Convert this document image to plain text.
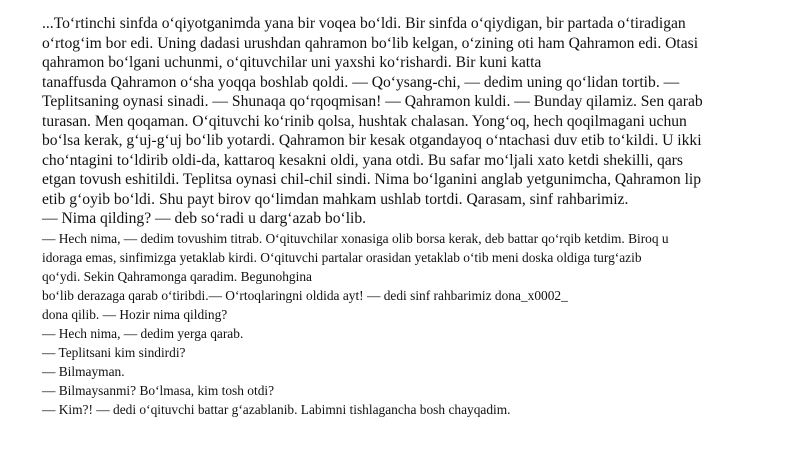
...To‘rtinchi sinfda o‘qiyotganimda yana bir voqea bo‘ldi. Bir sinfda o‘qiydigan, bir partada o‘tiradigan
o‘rtog‘im bor edi. Uning dadasi urushdan qahramon bo‘lib kelgan, o‘zining oti ham Qahramon edi. Otasi
qahramon bo‘lgani uchunmi, o‘qituvchilar uni yaxshi ko‘rishardi. Bir kuni katta
tanaffusda Qahramon o‘sha yoqqa boshlab qoldi. — Qo‘ysang-chi, — dedim uning qo‘lidan tortib. —
Teplitsaning oynasi sinadi. — Shunaqa qo‘rqoqmisan! — Qahramon kuldi. — Bunday qilamiz. Sen qarab
turasan. Men qoqaman. O‘qituvchi ko‘rinib qolsa, hushtak chalasan. Yong‘oq, hech qoqilmagani uchun
bo‘lsa kerak, g‘uj-g‘uj bo‘lib yotardi. Qahramon bir kesak otgandayoq o‘ntachasi duv etib to‘kildi. U ikki
cho‘ntagini to‘ldirib oldi-da, kattaroq kesakni oldi, yana otdi. Bu safar mo‘ljali xato ketdi shekilli, qars
etgan tovush eshitildi. Teplitsa oynasi chil-chil sindi. Nima bo‘lganini anglab yetgunimcha, Qahramon lip
etib g‘oyib bo‘ldi. Shu payt birov qo‘limdan mahkam ushlab tortdi. Qarasam, sinf rahbarimiz.
— Nima qilding? — deb so‘radi u darg‘azab bo‘lib.
— Hech nima, — dedim tovushim titrab. O‘qituvchilar xonasiga olib borsa kerak, deb battar qo‘rqib ketdim. Biroq u
idoraga emas, sinfimizga yetaklab kirdi. O‘qituvchi partalar orasidan yetaklab o‘tib meni doska oldiga turg‘azib
qo‘ydi. Sekin Qahramonga qaradim. Begunohgina
bo‘lib derazaga qarab o‘tiribdi.— O‘rtoqlaringni oldida ayt! — dedi sinf rahbarimiz dona_x0002_
dona qilib. — Hozir nima qilding?
— Hech nima, — dedim yerga qarab.
— Teplitsani kim sindirdi?
— Bilmayman.
— Bilmaysanmi? Bo‘lmasa, kim tosh otdi?
— Kim?! — dedi o‘qituvchi battar g‘azablanib. Labimni tishlagancha bosh chayqadim.
